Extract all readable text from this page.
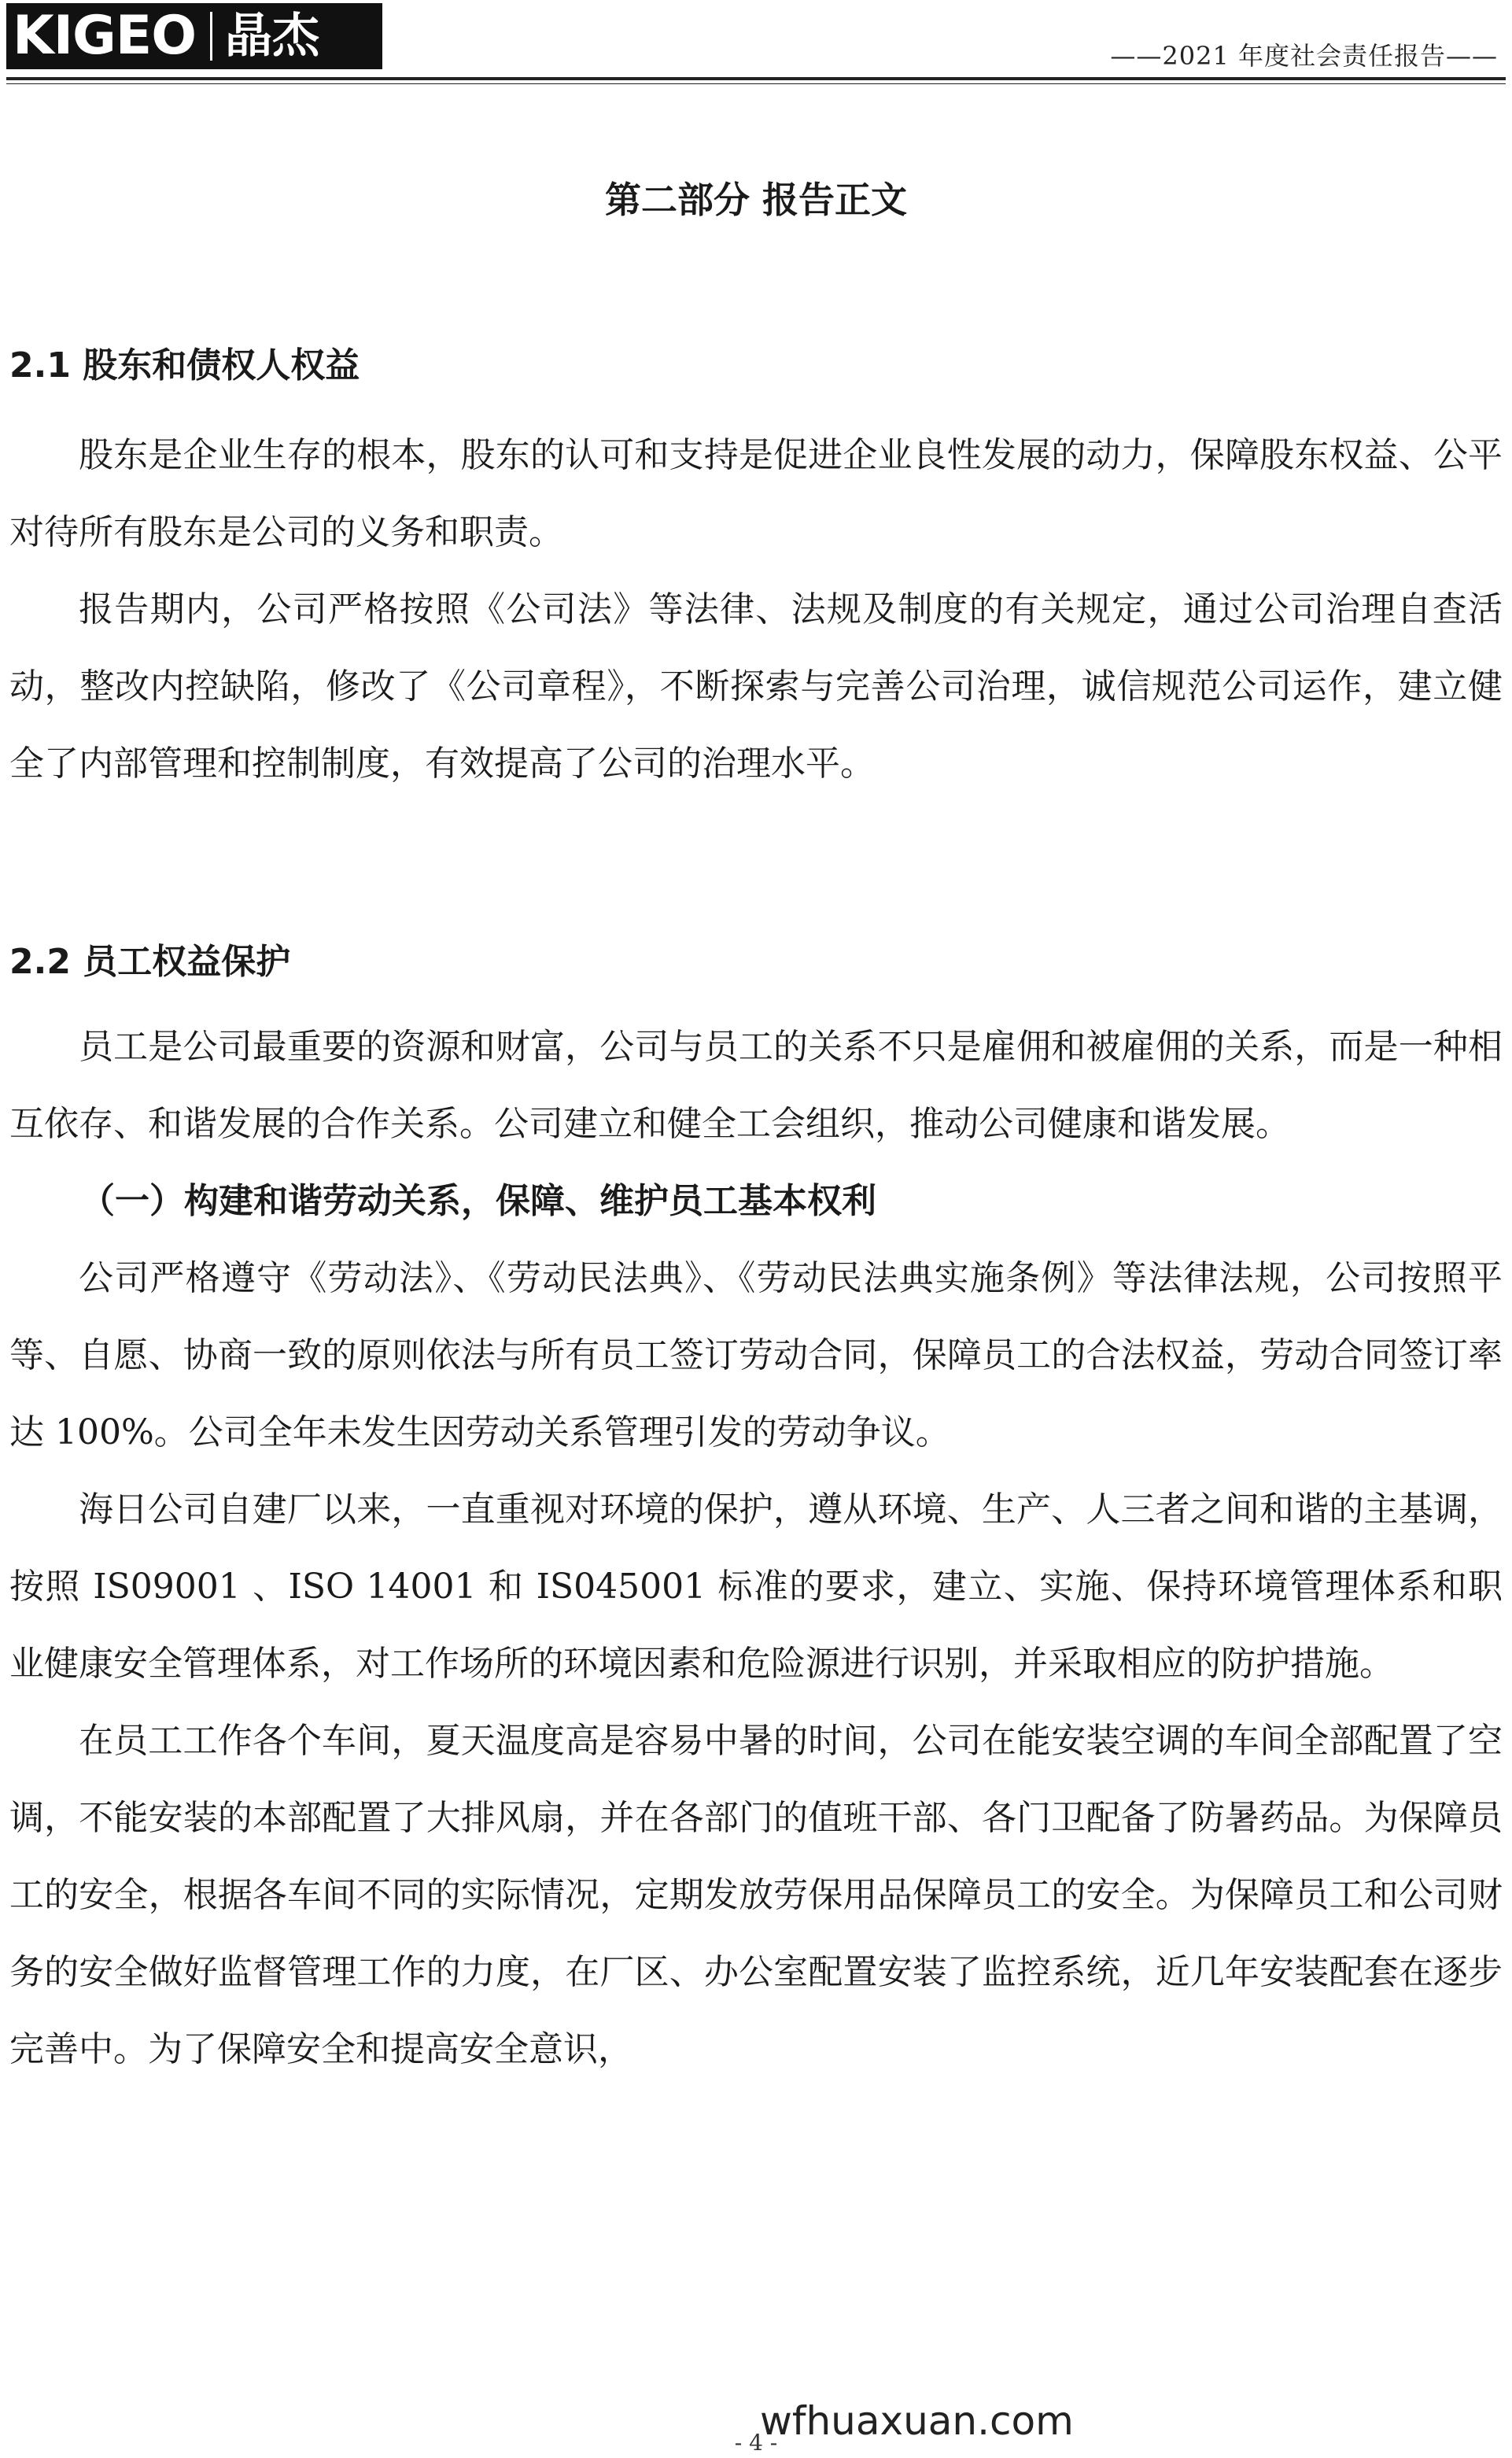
KIGEO 晶杰	——2021 年度社会责任报告——
第二部分 报告正文
2.1 股东和债权人权益

股东是企业生存的根本，股东的认可和支持是促进企业良性发展的动力，保障股东权益、公平对待所有股东是公司的义务和职责。

报告期内，公司严格按照《公司法》等法律、法规及制度的有关规定，通过公司治理自查活动，整改内控缺陷，修改了《公司章程》，不断探索与完善公司治理，诚信规范公司运作，建立健全了内部管理和控制制度，有效提高了公司的治理水平。

2.2 员工权益保护

员工是公司最重要的资源和财富，公司与员工的关系不只是雇佣和被雇佣的关系，而是一种相互依存、和谐发展的合作关系。公司建立和健全工会组织，推动公司健康和谐发展。

（一）构建和谐劳动关系，保障、维护员工基本权利

公司严格遵守《劳动法》、《劳动民法典》、《劳动民法典实施条例》等法律法规，公司按照平等、自愿、协商一致的原则依法与所有员工签订劳动合同，保障员工的合法权益，劳动合同签订率达 100%。公司全年未发生因劳动关系管理引发的劳动争议。

海日公司自建厂以来，一直重视对环境的保护，遵从环境、生产、人三者之间和谐的主基调，按照 IS09001 、ISO 14001 和 IS045001 标准的要求，建立、实施、保持环境管理体系和职业健康安全管理体系，对工作场所的环境因素和危险源进行识别，并采取相应的防护措施。

在员工工作各个车间，夏天温度高是容易中暑的时间，公司在能安装空调的车间全部配置了空调，不能安装的本部配置了大排风扇，并在各部门的值班干部、各门卫配备了防暑药品。为保障员工的安全，根据各车间不同的实际情况，定期发放劳保用品保障员工的安全。为保障员工和公司财务的安全做好监督管理工作的力度，在厂区、办公室配置安装了监控系统，近几年安装配套在逐步完善中。为了保障安全和提高安全意识，

wfhuaxuan.com
- 4 -
